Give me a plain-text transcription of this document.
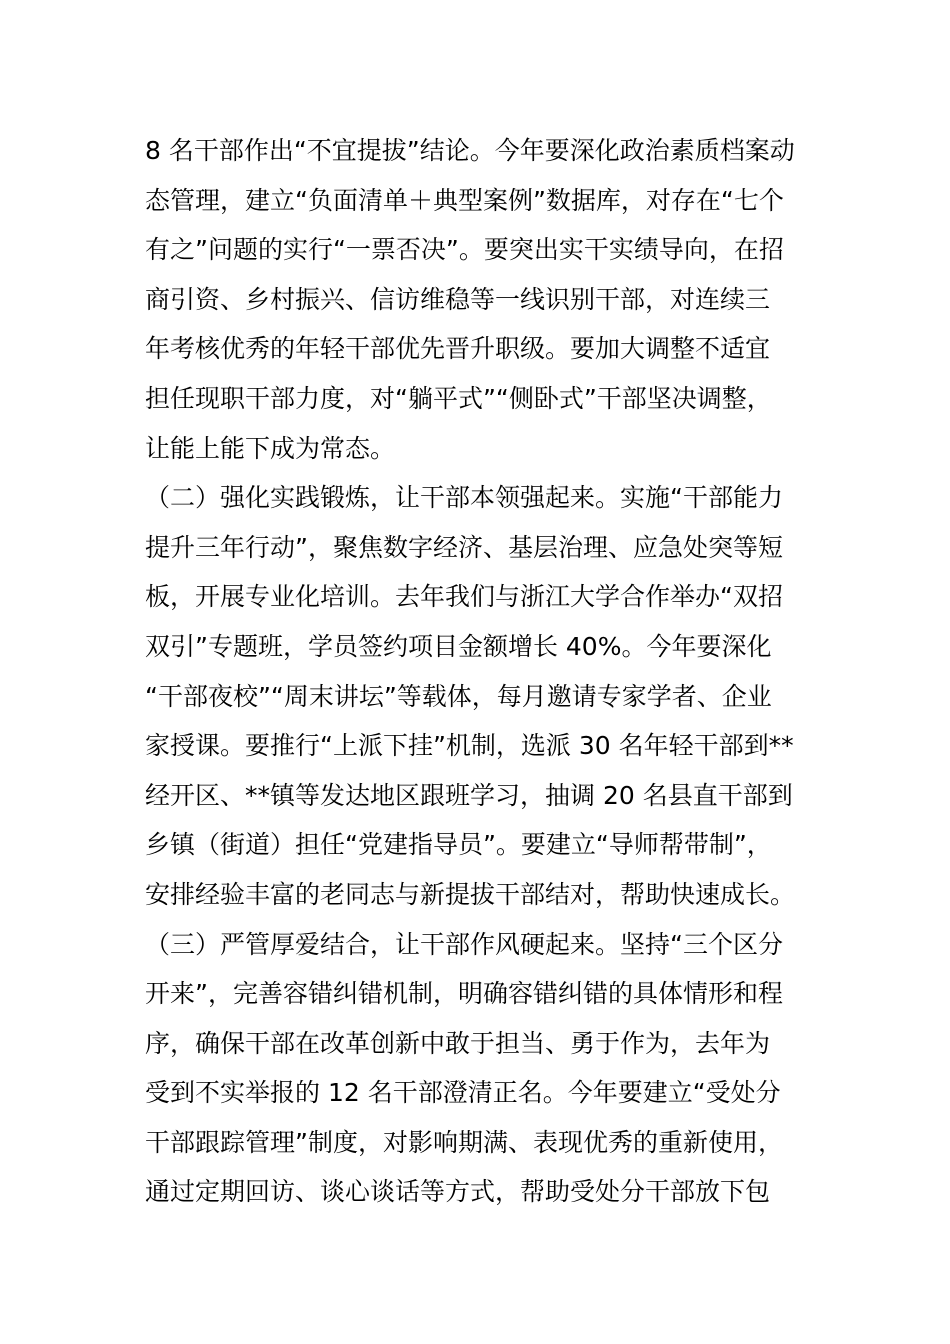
8 名干部作出“不宜提拔”结论。今年要深化政治素质档案动
态管理，建立“负面清单＋典型案例”数据库，对存在“七个
有之”问题的实行“一票否决”。要突出实干实绩导向，在招
商引资、乡村振兴、信访维稳等一线识别干部，对连续三
年考核优秀的年轻干部优先晋升职级。要加大调整不适宜
担任现职干部力度，对“躺平式”“侧卧式”干部坚决调整，
让能上能下成为常态。
（二）强化实践锻炼，让干部本领强起来。实施“干部能力
提升三年行动”，聚焦数字经济、基层治理、应急处突等短
板，开展专业化培训。去年我们与浙江大学合作举办“双招
双引”专题班，学员签约项目金额增长 40%。今年要深化
“干部夜校”“周末讲坛”等载体，每月邀请专家学者、企业
家授课。要推行“上派下挂”机制，选派 30 名年轻干部到**
经开区、**镇等发达地区跟班学习，抽调 20 名县直干部到
乡镇（街道）担任“党建指导员”。要建立“导师帮带制”，
安排经验丰富的老同志与新提拔干部结对，帮助快速成长。
（三）严管厚爱结合，让干部作风硬起来。坚持“三个区分
开来”，完善容错纠错机制，明确容错纠错的具体情形和程
序，确保干部在改革创新中敢于担当、勇于作为，去年为
受到不实举报的 12 名干部澄清正名。今年要建立“受处分
干部跟踪管理”制度，对影响期满、表现优秀的重新使用，
通过定期回访、谈心谈话等方式，帮助受处分干部放下包
